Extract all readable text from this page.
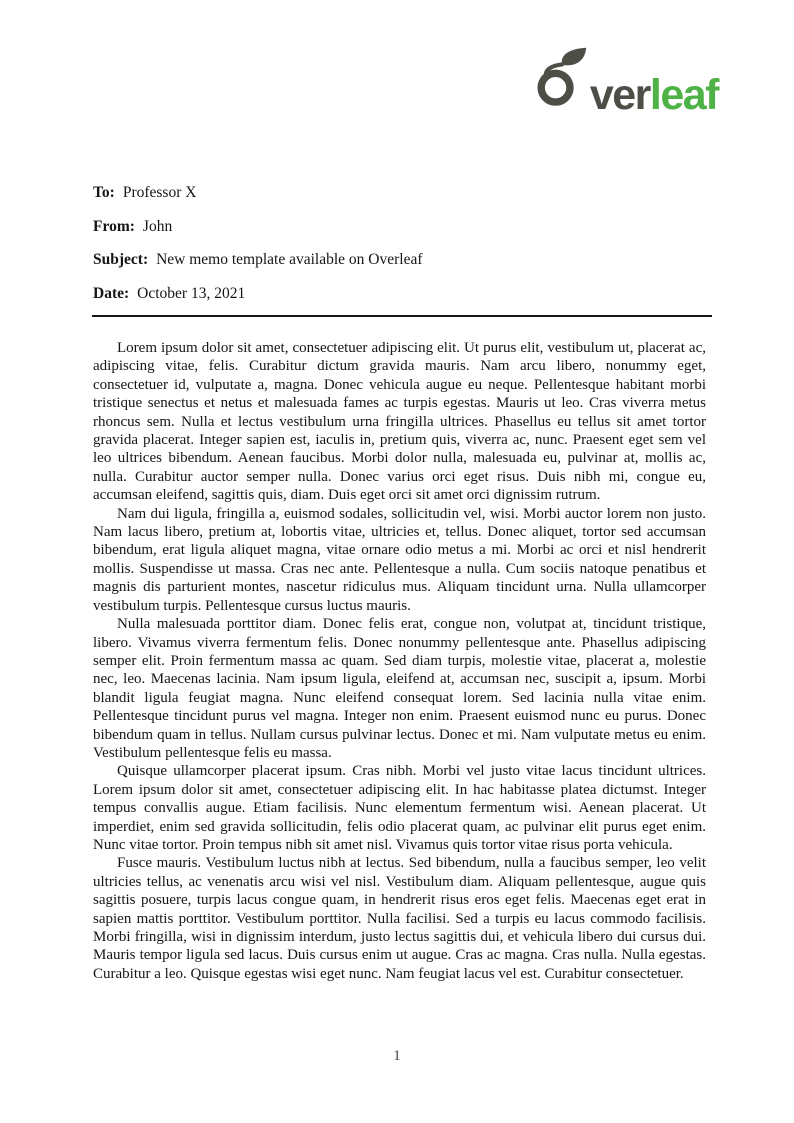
ver leaf
To: Professor X
From: John
Subject: New memo template available on Overleaf
Date: October 13, 2021

Lorem ipsum dolor sit amet, consectetuer adipiscing elit. Ut purus elit, vestibulum ut, placerat ac, adipiscing vitae, felis. Curabitur dictum gravida mauris. Nam arcu libero, nonummy eget, consectetuer id, vulputate a, magna. Donec vehicula augue eu neque. Pellentesque habitant morbi tristique senectus et netus et malesuada fames ac turpis egestas. Mauris ut leo. Cras viverra metus rhoncus sem. Nulla et lectus vestibulum urna fringilla ultrices. Phasellus eu tellus sit amet tortor gravida placerat. Integer sapien est, iaculis in, pretium quis, viverra ac, nunc. Praesent eget sem vel leo ultrices bibendum. Aenean faucibus. Morbi dolor nulla, malesuada eu, pulvinar at, mollis ac, nulla. Curabitur auctor semper nulla. Donec varius orci eget risus. Duis nibh mi, congue eu, accumsan eleifend, sagittis quis, diam. Duis eget orci sit amet orci dignissim rutrum.

Nam dui ligula, fringilla a, euismod sodales, sollicitudin vel, wisi. Morbi auctor lorem non justo. Nam lacus libero, pretium at, lobortis vitae, ultricies et, tellus. Donec aliquet, tortor sed accumsan bibendum, erat ligula aliquet magna, vitae ornare odio metus a mi. Morbi ac orci et nisl hendrerit mollis. Suspendisse ut massa. Cras nec ante. Pellentesque a nulla. Cum sociis natoque penatibus et magnis dis parturient montes, nascetur ridiculus mus. Aliquam tincidunt urna. Nulla ullamcorper vestibulum turpis. Pellentesque cursus luctus mauris.

Nulla malesuada porttitor diam. Donec felis erat, congue non, volutpat at, tincidunt tristique, libero. Vivamus viverra fermentum felis. Donec nonummy pellentesque ante. Phasellus adipiscing semper elit. Proin fermentum massa ac quam. Sed diam turpis, molestie vitae, placerat a, molestie nec, leo. Maecenas lacinia. Nam ipsum ligula, eleifend at, accumsan nec, suscipit a, ipsum. Morbi blandit ligula feugiat magna. Nunc eleifend consequat lorem. Sed lacinia nulla vitae enim. Pellentesque tincidunt purus vel magna. Integer non enim. Praesent euismod nunc eu purus. Donec bibendum quam in tellus. Nullam cursus pulvinar lectus. Donec et mi. Nam vulputate metus eu enim. Vestibulum pellentesque felis eu massa.

Quisque ullamcorper placerat ipsum. Cras nibh. Morbi vel justo vitae lacus tincidunt ultrices. Lorem ipsum dolor sit amet, consectetuer adipiscing elit. In hac habitasse platea dictumst. Integer tempus convallis augue. Etiam facilisis. Nunc elementum fermentum wisi. Aenean placerat. Ut imperdiet, enim sed gravida sollicitudin, felis odio placerat quam, ac pulvinar elit purus eget enim. Nunc vitae tortor. Proin tempus nibh sit amet nisl. Vivamus quis tortor vitae risus porta vehicula.

Fusce mauris. Vestibulum luctus nibh at lectus. Sed bibendum, nulla a faucibus semper, leo velit ultricies tellus, ac venenatis arcu wisi vel nisl. Vestibulum diam. Aliquam pellentesque, augue quis sagittis posuere, turpis lacus congue quam, in hendrerit risus eros eget felis. Maecenas eget erat in sapien mattis porttitor. Vestibulum porttitor. Nulla facilisi. Sed a turpis eu lacus commodo facilisis. Morbi fringilla, wisi in dignissim interdum, justo lectus sagittis dui, et vehicula libero dui cursus dui. Mauris tempor ligula sed lacus. Duis cursus enim ut augue. Cras ac magna. Cras nulla. Nulla egestas. Curabitur a leo. Quisque egestas wisi eget nunc. Nam feugiat lacus vel est. Curabitur consectetuer.

1
